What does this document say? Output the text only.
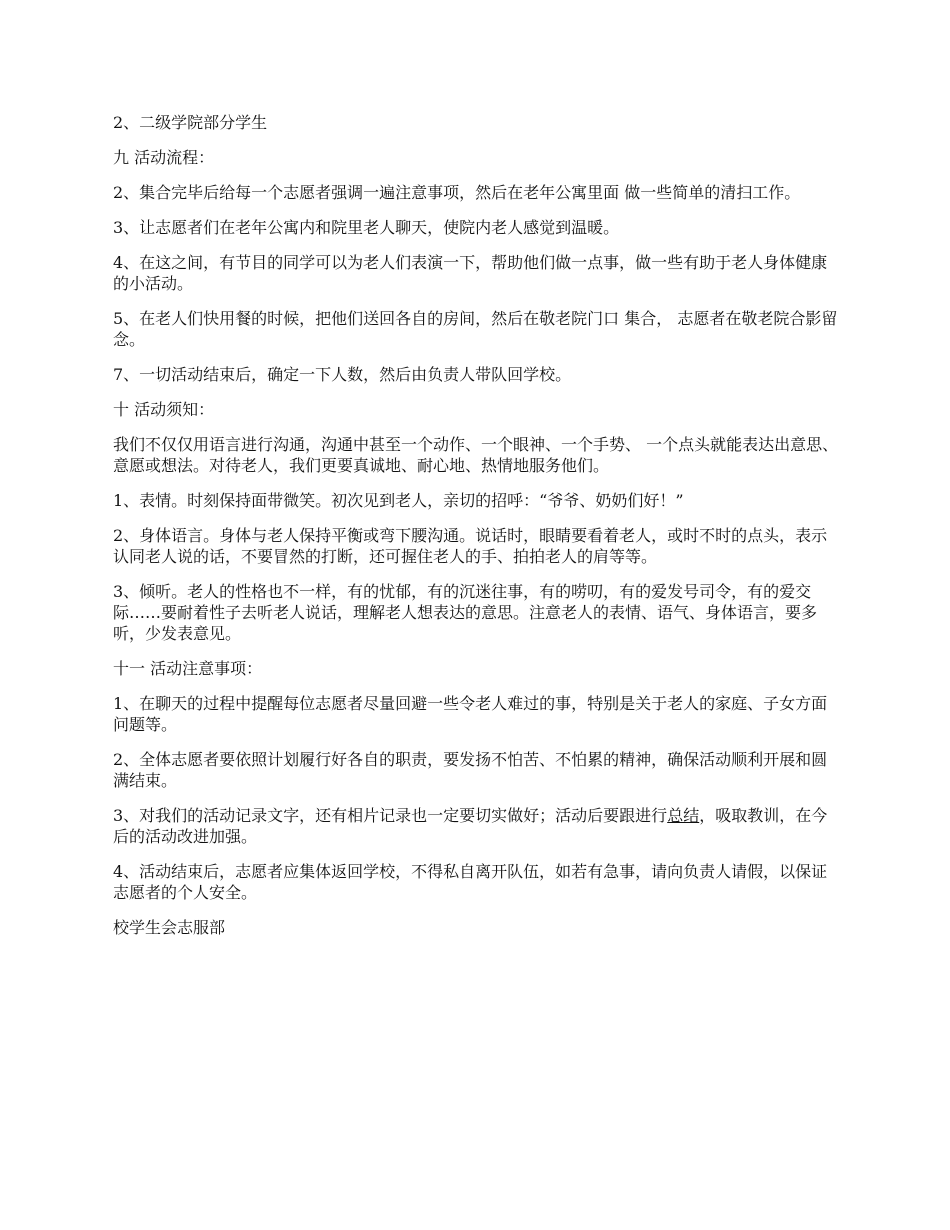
2、二级学院部分学生

九 活动流程：

2、集合完毕后给每一个志愿者强调一遍注意事项，然后在老年公寓里面 做一些简单的清扫工作。

3、让志愿者们在老年公寓内和院里老人聊天，使院内老人感觉到温暖。

4、在这之间，有节目的同学可以为老人们表演一下，帮助他们做一点事，做一些有助于老人身体健康的小活动。

5、在老人们快用餐的时候，把他们送回各自的房间，然后在敬老院门口 集合， 志愿者在敬老院合影留念。

7、一切活动结束后，确定一下人数，然后由负责人带队回学校。

十 活动须知：

我们不仅仅用语言进行沟通，沟通中甚至一个动作、一个眼神、一个手势、 一个点头就能表达出意思、意愿或想法。对待老人，我们更要真诚地、耐心地、热情地服务他们。

1、表情。时刻保持面带微笑。初次见到老人，亲切的招呼：“爷爷、奶奶们好！”

2、身体语言。身体与老人保持平衡或弯下腰沟通。说话时，眼睛要看着老人，或时不时的点头，表示认同老人说的话，不要冒然的打断，还可握住老人的手、拍拍老人的肩等等。

3、倾听。老人的性格也不一样，有的忧郁，有的沉迷往事，有的唠叨，有的爱发号司令，有的爱交际……要耐着性子去听老人说话，理解老人想表达的意思。注意老人的表情、语气、身体语言，要多听，少发表意见。

十一 活动注意事项：

1、在聊天的过程中提醒每位志愿者尽量回避一些令老人难过的事，特别是关于老人的家庭、子女方面问题等。

2、全体志愿者要依照计划履行好各自的职责，要发扬不怕苦、不怕累的精神，确保活动顺利开展和圆满结束。

3、对我们的活动记录文字，还有相片记录也一定要切实做好；活动后要跟进行总结，吸取教训，在今后的活动改进加强。

4、活动结束后，志愿者应集体返回学校，不得私自离开队伍，如若有急事，请向负责人请假，以保证志愿者的个人安全。

校学生会志服部
